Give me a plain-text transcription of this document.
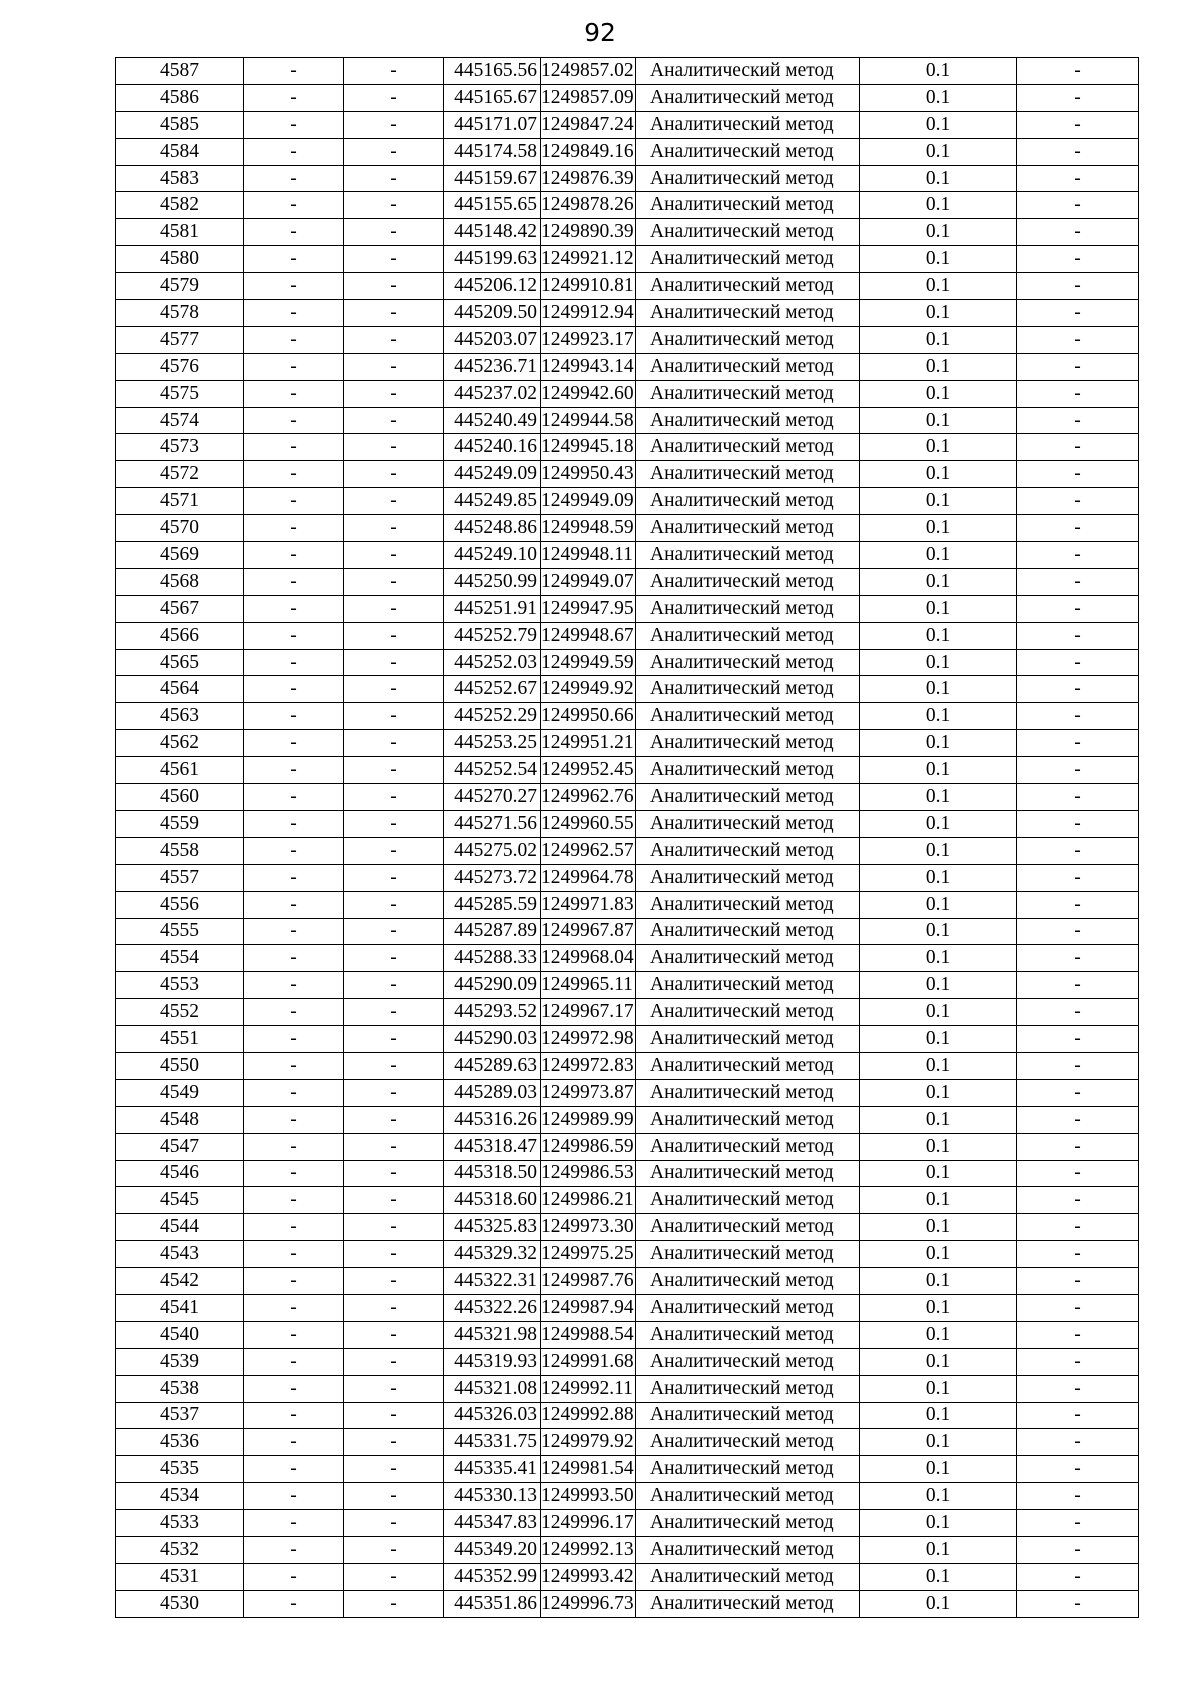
92
4587	-	-	445165.56	1249857.02	Аналитический метод	0.1	-
4586	-	-	445165.67	1249857.09	Аналитический метод	0.1	-
4585	-	-	445171.07	1249847.24	Аналитический метод	0.1	-
4584	-	-	445174.58	1249849.16	Аналитический метод	0.1	-
4583	-	-	445159.67	1249876.39	Аналитический метод	0.1	-
4582	-	-	445155.65	1249878.26	Аналитический метод	0.1	-
4581	-	-	445148.42	1249890.39	Аналитический метод	0.1	-
4580	-	-	445199.63	1249921.12	Аналитический метод	0.1	-
4579	-	-	445206.12	1249910.81	Аналитический метод	0.1	-
4578	-	-	445209.50	1249912.94	Аналитический метод	0.1	-
4577	-	-	445203.07	1249923.17	Аналитический метод	0.1	-
4576	-	-	445236.71	1249943.14	Аналитический метод	0.1	-
4575	-	-	445237.02	1249942.60	Аналитический метод	0.1	-
4574	-	-	445240.49	1249944.58	Аналитический метод	0.1	-
4573	-	-	445240.16	1249945.18	Аналитический метод	0.1	-
4572	-	-	445249.09	1249950.43	Аналитический метод	0.1	-
4571	-	-	445249.85	1249949.09	Аналитический метод	0.1	-
4570	-	-	445248.86	1249948.59	Аналитический метод	0.1	-
4569	-	-	445249.10	1249948.11	Аналитический метод	0.1	-
4568	-	-	445250.99	1249949.07	Аналитический метод	0.1	-
4567	-	-	445251.91	1249947.95	Аналитический метод	0.1	-
4566	-	-	445252.79	1249948.67	Аналитический метод	0.1	-
4565	-	-	445252.03	1249949.59	Аналитический метод	0.1	-
4564	-	-	445252.67	1249949.92	Аналитический метод	0.1	-
4563	-	-	445252.29	1249950.66	Аналитический метод	0.1	-
4562	-	-	445253.25	1249951.21	Аналитический метод	0.1	-
4561	-	-	445252.54	1249952.45	Аналитический метод	0.1	-
4560	-	-	445270.27	1249962.76	Аналитический метод	0.1	-
4559	-	-	445271.56	1249960.55	Аналитический метод	0.1	-
4558	-	-	445275.02	1249962.57	Аналитический метод	0.1	-
4557	-	-	445273.72	1249964.78	Аналитический метод	0.1	-
4556	-	-	445285.59	1249971.83	Аналитический метод	0.1	-
4555	-	-	445287.89	1249967.87	Аналитический метод	0.1	-
4554	-	-	445288.33	1249968.04	Аналитический метод	0.1	-
4553	-	-	445290.09	1249965.11	Аналитический метод	0.1	-
4552	-	-	445293.52	1249967.17	Аналитический метод	0.1	-
4551	-	-	445290.03	1249972.98	Аналитический метод	0.1	-
4550	-	-	445289.63	1249972.83	Аналитический метод	0.1	-
4549	-	-	445289.03	1249973.87	Аналитический метод	0.1	-
4548	-	-	445316.26	1249989.99	Аналитический метод	0.1	-
4547	-	-	445318.47	1249986.59	Аналитический метод	0.1	-
4546	-	-	445318.50	1249986.53	Аналитический метод	0.1	-
4545	-	-	445318.60	1249986.21	Аналитический метод	0.1	-
4544	-	-	445325.83	1249973.30	Аналитический метод	0.1	-
4543	-	-	445329.32	1249975.25	Аналитический метод	0.1	-
4542	-	-	445322.31	1249987.76	Аналитический метод	0.1	-
4541	-	-	445322.26	1249987.94	Аналитический метод	0.1	-
4540	-	-	445321.98	1249988.54	Аналитический метод	0.1	-
4539	-	-	445319.93	1249991.68	Аналитический метод	0.1	-
4538	-	-	445321.08	1249992.11	Аналитический метод	0.1	-
4537	-	-	445326.03	1249992.88	Аналитический метод	0.1	-
4536	-	-	445331.75	1249979.92	Аналитический метод	0.1	-
4535	-	-	445335.41	1249981.54	Аналитический метод	0.1	-
4534	-	-	445330.13	1249993.50	Аналитический метод	0.1	-
4533	-	-	445347.83	1249996.17	Аналитический метод	0.1	-
4532	-	-	445349.20	1249992.13	Аналитический метод	0.1	-
4531	-	-	445352.99	1249993.42	Аналитический метод	0.1	-
4530	-	-	445351.86	1249996.73	Аналитический метод	0.1	-
